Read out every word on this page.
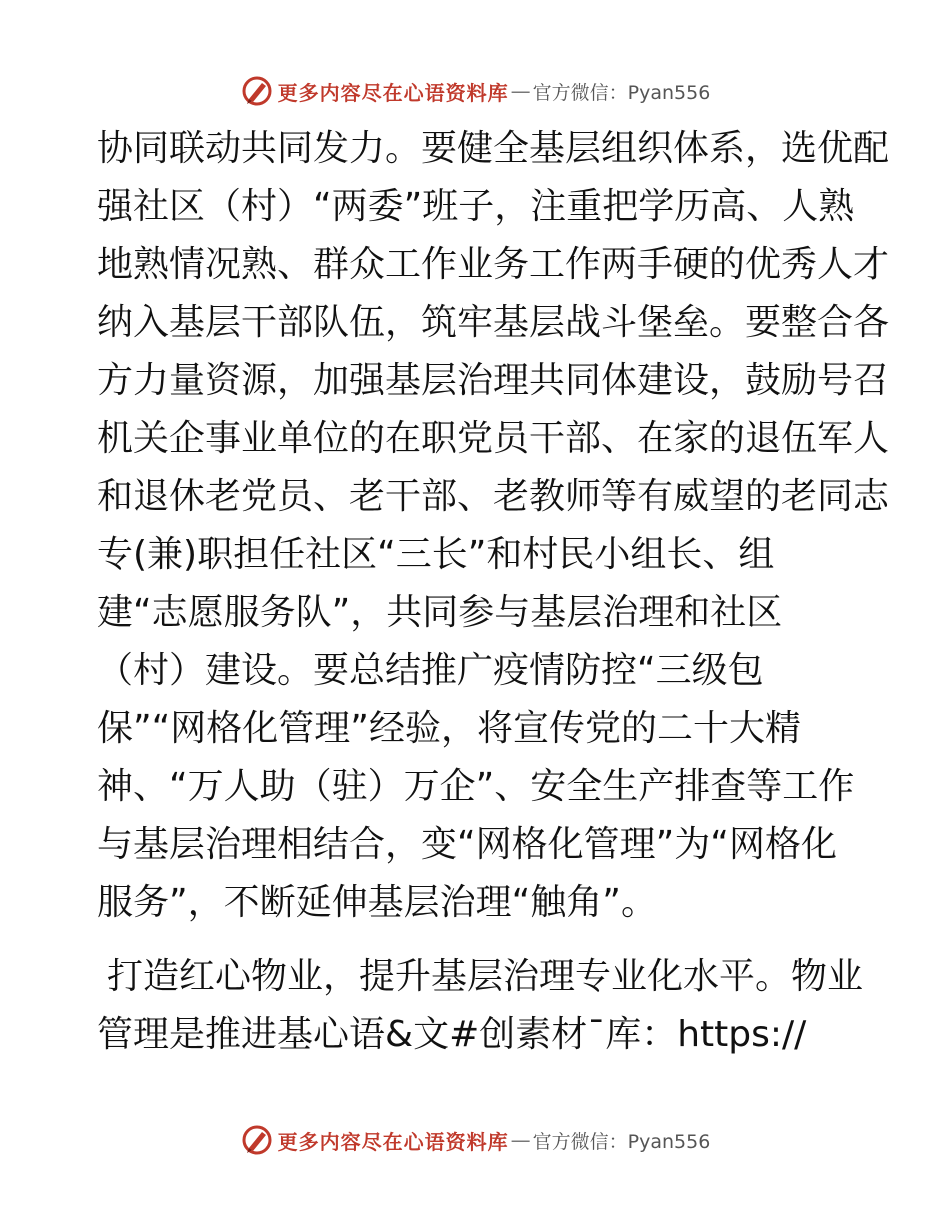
更多内容尽在心语资料库 — 官方微信：Pyan556
协同联动共同发力。要健全基层组织体系，选优配
强社区（村）“两委”班子，注重把学历高、人熟
地熟情况熟、群众工作业务工作两手硬的优秀人才
纳入基层干部队伍，筑牢基层战斗堡垒。要整合各
方力量资源，加强基层治理共同体建设，鼓励号召
机关企事业单位的在职党员干部、在家的退伍军人
和退休老党员、老干部、老教师等有威望的老同志
专(兼)职担任社区“三长”和村民小组长、组
建“志愿服务队”，共同参与基层治理和社区
（村）建设。要总结推广疫情防控“三级包
保”“网格化管理”经验，将宣传党的二十大精
神、“万人助（驻）万企”、安全生产排查等工作
与基层治理相结合，变“网格化管理”为“网格化
服务”，不断延伸基层治理“触角”。
打造红心物业，提升基层治理专业化水平。物业
管理是推进基心语&文#创素材¯库：https://
更多内容尽在心语资料库 — 官方微信：Pyan556
